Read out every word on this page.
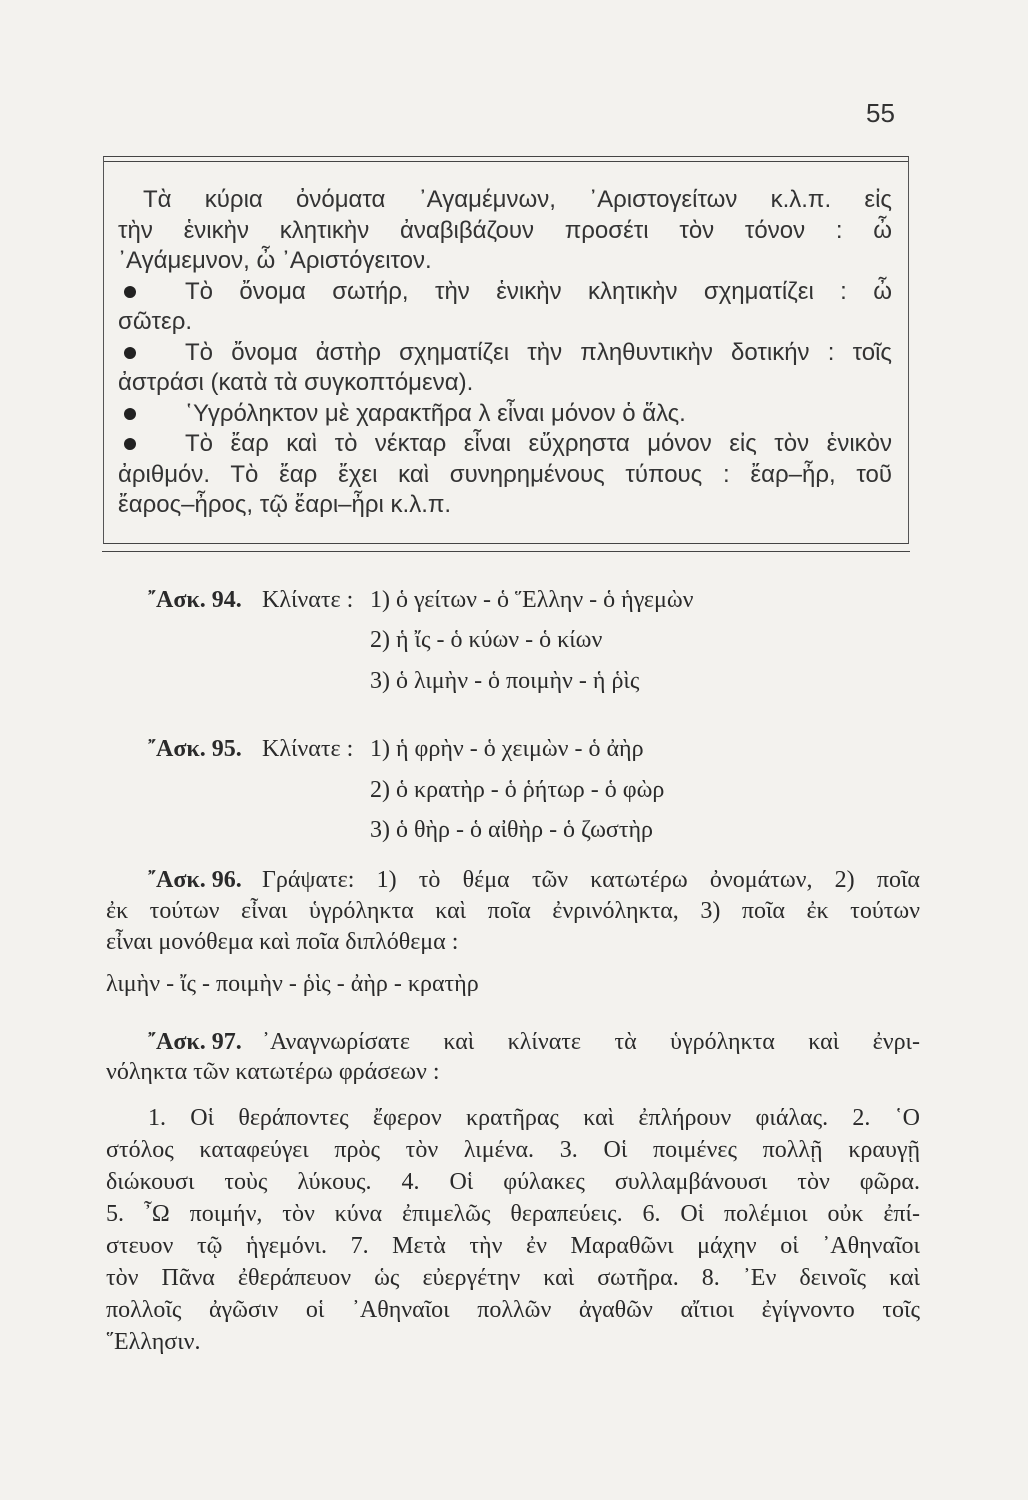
55
Τὰ κύρια ὀνόματα ᾿Αγαμέμνων, ᾿Αριστογείτων κ.λ.π. εἰς
τὴν ἑνικὴν κλητικὴν ἀναβιβάζουν προσέτι τὸν τόνον : ὦ
᾿Αγάμεμνον, ὦ ᾿Αριστόγειτον.
Τὸ ὄνομα σωτήρ, τὴν ἑνικὴν κλητικὴν σχηματίζει : ὦ
σῶτερ.
Τὸ ὄνομα ἀστὴρ σχηματίζει τὴν πληθυντικὴν δοτικήν : τοῖς
ἀστράσι (κατὰ τὰ συγκοπτόμενα).
῾Υγρόληκτον μὲ χαρακτῆρα λ εἶναι μόνον ὁ ἅλς.
Τὸ ἔαρ καὶ τὸ νέκταρ εἶναι εὔχρηστα μόνον εἰς τὸν ἑνικὸν
ἀριθμόν. Τὸ ἔαρ ἔχει καὶ συνηρημένους τύπους : ἔαρ–ἦρ, τοῦ
ἔαρος–ἦρος, τῷ ἔαρι–ἦρι κ.λ.π.
῎Ασκ. 94. Κλίνατε : 1) ὁ γείτων - ὁ Ἕλλην - ὁ ἡγεμὼν
2) ἡ ἴς - ὁ κύων - ὁ κίων
3) ὁ λιμὴν - ὁ ποιμὴν - ἡ ῥὶς
῎Ασκ. 95. Κλίνατε : 1) ἡ φρὴν - ὁ χειμὼν - ὁ ἀὴρ
2) ὁ κρατὴρ - ὁ ῥήτωρ - ὁ φὼρ
3) ὁ θὴρ - ὁ αἰθὴρ - ὁ ζωστὴρ
῎Ασκ. 96. Γράψατε: 1) τὸ θέμα τῶν κατωτέρω ὀνομάτων, 2) ποῖα
ἐκ τούτων εἶναι ὑγρόληκτα καὶ ποῖα ἐνρινόληκτα, 3) ποῖα ἐκ τούτων
εἶναι μονόθεμα καὶ ποῖα διπλόθεμα :
λιμὴν - ἴς - ποιμὴν - ῥὶς - ἀὴρ - κρατὴρ
῎Ασκ. 97. ᾿Αναγνωρίσατε καὶ κλίνατε τὰ ὑγρόληκτα καὶ ἐνρι-
νόληκτα τῶν κατωτέρω φράσεων :
1. Οἱ θεράποντες ἔφερον κρατῆρας καὶ ἐπλήρουν φιάλας. 2. ῾Ο
στόλος καταφεύγει πρὸς τὸν λιμένα. 3. Οἱ ποιμένες πολλῇ κραυγῇ
διώκουσι τοὺς λύκους. 4. Οἱ φύλακες συλλαμβάνουσι τὸν φῶρα.
5. ῏Ω ποιμήν, τὸν κύνα ἐπιμελῶς θεραπεύεις. 6. Οἱ πολέμιοι οὐκ ἐπί-
στευον τῷ ἡγεμόνι. 7. Μετὰ τὴν ἐν Μαραθῶνι μάχην οἱ ᾿Αθηναῖοι
τὸν Πᾶνα ἐθεράπευον ὡς εὐεργέτην καὶ σωτῆρα. 8. ᾿Εν δεινοῖς καὶ
πολλοῖς ἀγῶσιν οἱ ᾿Αθηναῖοι πολλῶν ἀγαθῶν αἴτιοι ἐγίγνοντο τοῖς
῞Ελλησιν.
